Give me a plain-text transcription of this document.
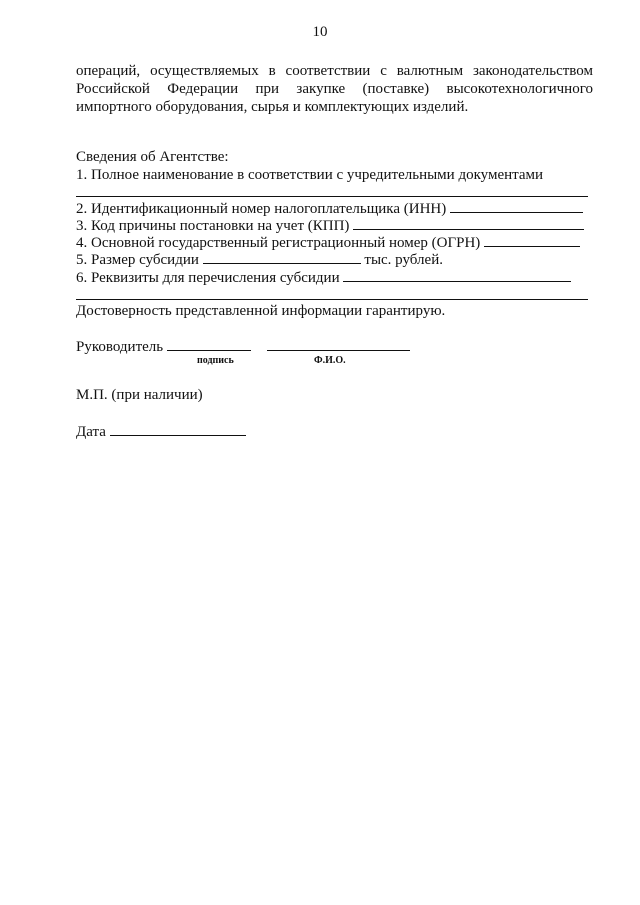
10
операций, осуществляемых в соответствии с валютным законодательством
Российской Федерации при закупке (поставке) высокотехнологичного
импортного оборудования, сырья и комплектующих изделий.
Сведения об Агентстве:
1. Полное наименование в соответствии с учредительными документами
2. Идентификационный номер налогоплательщика (ИНН)
3. Код причины постановки на учет (КПП)
4. Основной государственный регистрационный номер (ОГРН)
5. Размер субсидии	тыс. рублей.
6. Реквизиты для перечисления субсидии
Достоверность представленной информации гарантирую.
Руководитель
подпись	Ф.И.О.
М.П. (при наличии)
Дата
